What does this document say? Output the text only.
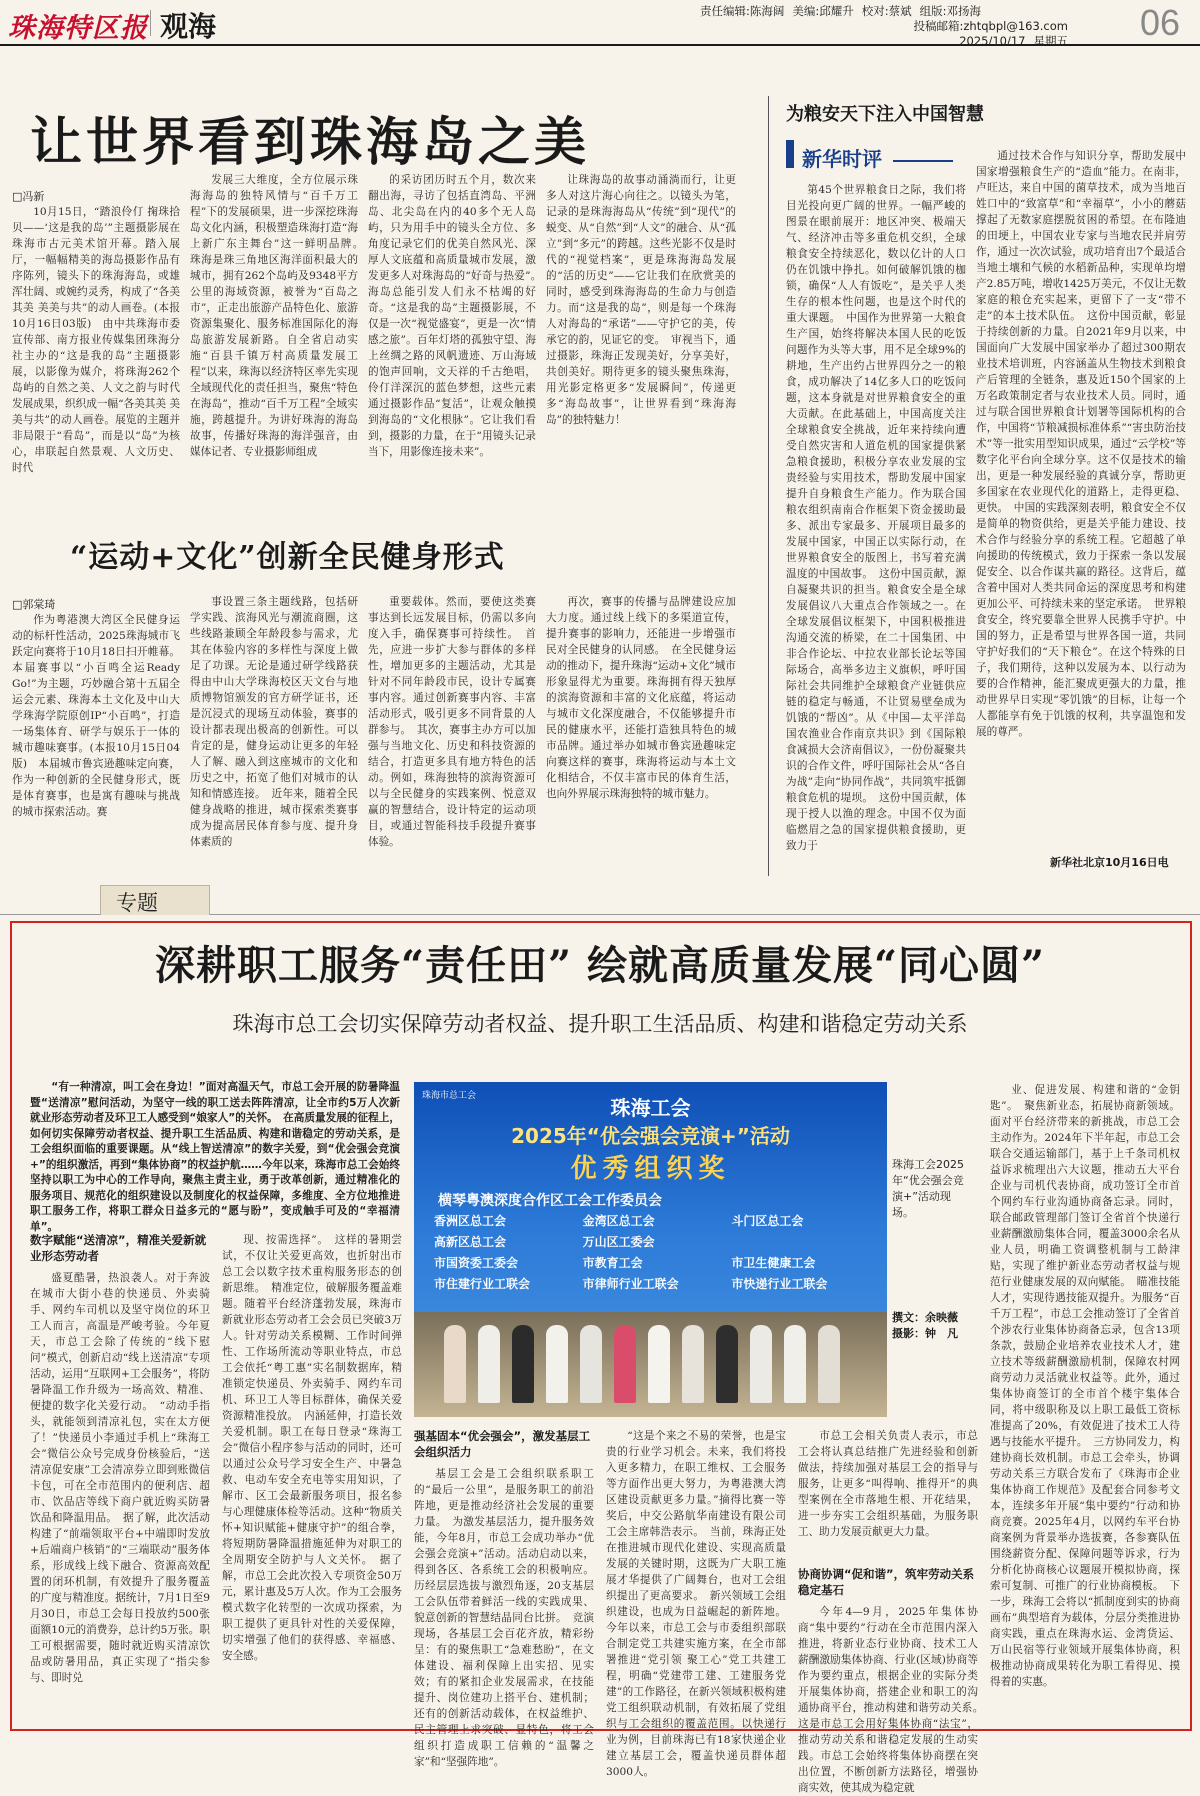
珠海特区报 观海	责任编辑:陈海阔 美编:邱耀升 校对:蔡斌 组版:邓扬海
投稿邮箱:zhtqbpl@163.com
2025/10/17 星期五	06
让世界看到珠海岛之美
□冯新

10月15日，“踏浪伶仃 掬珠拾贝——‘这是我的岛’”主题摄影展在珠海市古元美术馆开幕。踏入展厅，一幅幅精美的海岛摄影作品有序陈列，镜头下的珠海海岛，或雄浑壮阔、或婉约灵秀，构成了“各美其美 美美与共”的动人画卷。(本报10月16日03版)　由中共珠海市委宣传部、南方报业传媒集团珠海分社主办的“这是我的岛”主题摄影展，以影像为媒介，将珠海262个岛屿的自然之美、人文之韵与时代发展成果，织织成一幅“各美其美 美美与共”的动人画卷。展览的主题并非局限于“看岛”，而是以“岛”为核心，串联起自然景观、人文历史、时代

发展三大维度，全方位展示珠海海岛的独特风情与“百千万工程”下的发展硕果，进一步深挖珠海岛文化内涵，积极塑造珠海打造“海上新广东主舞台”这一鲜明品牌。　珠海是珠三角地区海洋面积最大的城市，拥有262个岛屿及9348平方公里的海域资源，被誉为“百岛之市”，正走出旅游产品特色化、旅游资源集聚化、服务标准国际化的海岛旅游发展新路。自全省启动实施“百县千镇万村高质量发展工程”以来，珠海以经济特区率先实现全域现代化的责任担当，聚焦“特色在海岛”，推动“百千万工程”全域实施，跨越提升。为讲好珠海的海岛故事，传播好珠海的海洋强音，由媒体记者、专业摄影师组成

的采访团历时五个月，数次来翻出海，寻访了包括直湾岛、平洲岛、北尖岛在内的40多个无人岛屿，只为用手中的镜头全方位、多角度记录它们的优美自然风光、深厚人文底蕴和高质量城市发展，激发更多人对珠海岛的“好奇与热爱”。　海岛总能引发人们永不枯竭的好奇。“这是我的岛”主题摄影展，不仅是一次“视觉盛宴”，更是一次“情感之旅”。百年灯塔的孤独守望、海上丝绸之路的风帆遗迹、万山海域的饱声回响，文天祥的千古绝唱，伶仃洋深沉的蓝色梦想，这些元素通过摄影作品“复活”，让观众触摸到海岛的“文化根脉”。它让我们看到，摄影的力量，在于“用镜头记录当下，用影像连接未来”。

让珠海岛的故事动涌淌而行，让更多人对这片海心向往之。以镜头为笔，记录的是珠海海岛从“传统”到“现代”的蜕变、从“自然”到“人文”的融合、从“孤立”到“多元”的跨越。这些光影不仅是时代的“视觉档案”，更是珠海海岛发展的“活的历史”——它让我们在欣赏美的同时，感受到珠海海岛的生命力与创造力。而“这是我的岛”，则是每一个珠海人对海岛的“承诺”——守护它的美，传承它的韵，见证它的变。　审视当下，通过摄影，珠海正发现美好，分享美好，共创美好。期待更多的镜头聚焦珠海，用光影定格更多“发展瞬间”，传递更多“海岛故事”，让世界看到“珠海海岛”的独特魅力！

“运动+文化”创新全民健身形式
□郭棠琦

作为粤港澳大湾区全民健身运动的标杆性活动，2025珠海城市飞跃定向赛将于10月18日扫开帷幕。本届赛事以“小百鸣全运Ready Go!”为主题，巧妙融合第十五届全运会元素、珠海本土文化及中山大学珠海学院原创IP“小百鸣”，打造一场集体育、研学与娱乐于一体的城市趣味赛事。(本报10月15日04版)　本届城市鲁宾逊趣味定向赛，作为一种创新的全民健身形式，既是体育赛事，也是寓有趣味与挑战的城市探索活动。赛

事设置三条主题线路，包括研学实践、滨海风光与潮流商圈，这些线路兼顾全年龄段参与需求，尤其在体验内容的多样性与深度上做足了功课。无论是通过研学线路获得由中山大学珠海校区天文台与地质博物馆颁发的官方研学证书，还是沉浸式的现场互动体验，赛事的设计都表现出极高的创新性。可以肯定的是，健身运动让更多的年轻人了解、融入到这座城市的文化和历史之中，拓宽了他们对城市的认知和情感连接。　近年来，随着全民健身战略的推进，城市探索类赛事成为提高居民体育参与度、提升身体素质的

重要载体。然而，要使这类赛事达到长远发展目标，仍需以多向度入手，确保赛事可持续性。　首先，应进一步扩大参与群体的多样性，增加更多的主题活动，尤其是针对不同年龄段市民，设计专属赛事内容。通过创新赛事内容、丰富活动形式，吸引更多不同背景的人群参与。　其次，赛事主办方可以加强与当地文化、历史和科技资源的结合，打造更多具有地方特色的活动。例如，珠海独特的滨海资源可以与全民健身的实践案例、悦意双赢的智慧结合，设计特定的运动项目，或通过智能科技手段提升赛事体验。

再次，赛事的传播与品牌建设应加大力度。通过线上线下的多渠道宣传，提升赛事的影响力，还能进一步增强市民对全民健身的认同感。　在全民健身运动的推动下，提升珠海“运动+文化”城市形象显得尤为重要。珠海拥有得天独厚的滨海资源和丰富的文化底蕴，将运动与城市文化深度融合，不仅能够提升市民的健康水平，还能打造独具特色的城市品牌。通过举办如城市鲁宾逊趣味定向赛这样的赛事，珠海将运动与本土文化相结合，不仅丰富市民的体育生活，也向外界展示珠海独特的城市魅力。

为粮安天下注入中国智慧
新华时评

第45个世界粮食日之际，我们将目光投向更广阔的世界。一幅严峻的图景在眼前展开：地区冲突、极端天气、经济冲击等多重危机交织，全球粮食安全持续恶化，数以亿计的人口仍在饥饿中挣扎。如何破解饥饿的枷锁，确保“人人有饭吃”，是关乎人类生存的根本性问题，也是这个时代的重大课题。　中国作为世界第一大粮食生产国，始终将解决本国人民的吃饭问题作为头等大事，用不足全球9%的耕地，生产出约占世界四分之一的粮食，成功解决了14亿多人口的吃饭问题，这本身就是对世界粮食安全的重大贡献。在此基础上，中国高度关注全球粮食安全挑战，近年来持续向遭受自然灾害和人道危机的国家提供紧急粮食援助，积极分享农业发展的宝贵经验与实用技术，帮助发展中国家提升自身粮食生产能力。作为联合国粮农组织南南合作框架下资金援助最多、派出专家最多、开展项目最多的发展中国家，中国正以实际行动，在世界粮食安全的版图上，书写着充满温度的中国故事。　这份中国贡献，源自凝聚共识的担当。粮食安全是全球发展倡议八大重点合作领域之一。在全球发展倡议框架下，中国积极推进沟通交流的桥梁，在二十国集团、中非合作论坛、中拉农业部长论坛等国际场合，高举多边主义旗帜，呼吁国际社会共同维护全球粮食产业链供应链的稳定与畅通，不让贸易壁垒成为饥饿的“帮凶”。从《中国—太平洋岛国农渔业合作南京共识》到《国际粮食减损大会济南倡议》，一份份凝聚共识的合作文件，呼吁国际社会从“各自为战”走向“协同作战”，共同筑牢抵御粮食危机的堤坝。　这份中国贡献，体现于授人以渔的理念。中国不仅为面临燃眉之急的国家提供粮食援助，更致力于

通过技术合作与知识分享，帮助发展中国家增强粮食生产的“造血”能力。在南非，卢旺达，来自中国的菌草技术，成为当地百姓口中的“致富草”和“幸福草”，小小的蘑菇撑起了无数家庭摆脱贫困的希望。在布隆迪的田埂上，中国农业专家与当地农民并肩劳作，通过一次次试验，成功培育出7个最适合当地土壤和气候的水稻新品种，实现单均增产2.85万吨，增收1425万美元，不仅让无数家庭的粮仓充实起来，更留下了一支“带不走”的本土技术队伍。　这份中国贡献，彰显于持续创新的力量。自2021年9月以来，中国面向广大发展中国家举办了超过300期农业技术培训班，内容涵盖从生物技术到粮食产后管理的全链条，惠及近150个国家的上万名政策制定者与农业技术人员。同时，通过与联合国世界粮食计划署等国际机构的合作，中国将“节粮减损标准体系”“害虫防治技术”等一批实用型知识成果，通过“云学校”等数字化平台向全球分享。这不仅是技术的输出，更是一种发展经验的真诚分享，帮助更多国家在农业现代化的道路上，走得更稳、更快。　中国的实践深刻表明，粮食安全不仅是简单的物资供给，更是关乎能力建设、技术合作与经验分享的系统工程。它超越了单向援助的传统模式，致力于探索一条以发展促安全、以合作谋共赢的路径。这背后，蕴含着中国对人类共同命运的深度思考和构建更加公平、可持续未来的坚定承诺。　世界粮食安全，终究要靠全世界人民携手守护。中国的努力，正是希望与世界各国一道，共同守护好我们的“天下粮仓”。在这个特殊的日子，我们期待，这种以发展为本、以行动为要的合作精神，能汇聚成更强大的力量，推动世界早日实现“零饥饿”的目标，让每一个人都能享有免于饥饿的权利，共享温饱和发展的尊严。

新华社北京10月16日电
专题
深耕职工服务“责任田” 绘就高质量发展“同心圆”
珠海市总工会切实保障劳动者权益、提升职工生活品质、构建和谐稳定劳动关系

“有一种清凉，叫工会在身边！”面对高温天气，市总工会开展的防暑降温暨“送清凉”慰问活动，为坚守一线的职工送去阵阵清凉，让全市约5万人次新就业形态劳动者及环卫工人感受到“娘家人”的关怀。　在高质量发展的征程上，如何切实保障劳动者权益、提升职工生活品质、构建和谐稳定的劳动关系，是工会组织面临的重要课题。从“线上智送清凉”的数字关爱，到“优会强会竞演+”的组织激活，再到“集体协商”的权益护航……今年以来，珠海市总工会始终坚持以职工为中心的工作导向，聚焦主责主业，勇于改革创新，通过精准化的服务项目、规范化的组织建设以及制度化的权益保障，多维度、全方位地推进职工服务工作，将职工群众日益多元的“愿与盼”，变成触手可及的“幸福清单”。

数字赋能“送清凉”，精准关爱新就业形态劳动者

盛夏酷暑，热浪袭人。对于奔波在城市大街小巷的快递员、外卖骑手、网约车司机以及坚守岗位的环卫工人而言，高温是严峻考验。今年夏天，市总工会除了传统的“线下慰问”模式，创新启动“线上送清凉”专项活动，运用“互联网+工会服务”，将防暑降温工作升级为一场高效、精准、便捷的数字化关爱行动。　“动动手指头，就能领到清凉礼包，实在太方便了！”快递员小李通过手机上“珠海工会”微信公众号完成身份核验后，“送清凉促安康”工会清凉券立即到账微信卡包，可在全市范围内的便利店、超市、饮品店等线下商户就近购买防暑饮品和降温用品。　据了解，此次活动构建了“前端领取平台+中端即时发放+后端商户核销”的“三端联动”服务体系，形成线上线下融合、资源高效配置的闭环机制，有效提升了服务覆盖的广度与精准度。据统计，7月1日至9月30日，市总工会每日投放约500张面额10元的消费券，总计约5万张。职工可根据需要，随时就近购买清凉饮品或防暑用品，真正实现了“指尖参与、即时兑

现、按需选择”。　这样的暑期尝试，不仅让关爱更高效，也折射出市总工会以数字技术重构服务形态的创新思维。　精准定位，破解服务覆盖难题。随着平台经济蓬勃发展，珠海市新就业形态劳动者工会会员已突破3万人。针对劳动关系模糊、工作时间弹性、工作场所流动等职业特点，市总工会依托“粤工惠”实名制数据库，精准锁定快递员、外卖骑手、网约车司机、环卫工人等目标群体，确保关爱资源精准投放。　内涵延伸，打造长效关爱机制。职工在每日登录“珠海工会”微信小程序参与活动的同时，还可以通过公众号学习安全生产、中暑急救、电动车安全充电等实用知识，了解市、区工会最新服务项目，报名参与心理健康体检等活动。这种“物质关怀+知识赋能+健康守护”的组合拳，将短期防暑降温措施延伸为对职工的全周期安全防护与人文关怀。　据了解，市总工会此次投入专项资金50万元，累计惠及5万人次。作为工会服务模式数字化转型的一次成功探索，为职工提供了更具针对性的关爱保障，切实增强了他们的获得感、幸福感、安全感。

珠海市总工会	珠海工会
2025年“优会强会竞演+”活动
优秀组织奖
横琴粤澳深度合作区工会工作委员会
香洲区总工会	金湾区总工会	斗门区总工会
高新区总工会	万山区工委会
市国资委工委会	市教育工会	市卫生健康工会
市住建行业工联会	市律师行业工联会	市快递行业工联会
珠海工会2025年“优会强会竞演+”活动现场。
撰文：余映薇
摄影：钟　凡
强基固本“优会强会”，激发基层工会组织活力

基层工会是工会组织联系职工的“最后一公里”，是服务职工的前沿阵地，更是推动经济社会发展的重要力量。　为激发基层活力，提升服务效能，今年8月，市总工会成功举办“优会强会竞演+”活动。活动启动以来，得到各区、各系统工会的积极响应。历经层层选拔与激烈角逐，20支基层工会队伍带着鲜活一线的实践成果、貌意创新的智慧结晶同台比拼。　竞演现场，各基层工会百花齐放，精彩纷呈：有的聚焦职工“急难愁盼”，在文体建设、福利保障上出实招、见实效；有的紧扣企业发展需求，在技能提升、岗位建功上搭平台、建机制；还有的创新活动载体，在权益维护、民主管理上求突破、显特色，将工会组织打造成职工信赖的“温馨之家”和“坚强阵地”。

“这是个来之不易的荣誉，也是宝贵的行业学习机会。未来，我们将投入更多精力，在职工维权、工会服务等方面作出更大努力，为粤港澳大湾区建设贡献更多力量。”摘得比赛一等奖后，中交公路航华南建设有限公司工会主席韩浩表示。　当前，珠海正处在推进城市现代化建设、实现高质量发展的关键时期，这既为广大职工施展才华提供了广阔舞台，也对工会组织提出了更高要求。　新兴领域工会组织建设，也成为日益崛起的新阵地。今年以来，市总工会与市委组织部联合制定党工共建实施方案，在全市部署推进“党引领 聚工心”党工共建工程，明确“党建带工建、工建服务党建”的工作路径，在新兴领域积极构建党工组织联动机制，有效拓展了党组织与工会组织的覆盖范围。以快递行业为例，目前珠海已有18家快递企业建立基层工会，覆盖快递员群体超3000人。

市总工会相关负责人表示，市总工会将认真总结推广先进经验和创新做法，持续加强对基层工会的指导与服务，让更多“叫得响、推得开”的典型案例在全市落地生根、开花结果，进一步夯实工会组织基础，为服务职工、助力发展贡献更大力量。

协商协调“促和谐”，筑牢劳动关系稳定基石

今年4—9月，2025年集体协商“集中要约”行动在全市范围内深入推进，将新业态行业协商、技术工人薪酬激励集体协商、行业(区域)协商等作为要约重点，根据企业的实际分类开展集体协商，搭建企业和职工的沟通协商平台，推动构建和谐劳动关系。　这是市总工会用好集体协商“法宝”，推动劳动关系和谐稳定发展的生动实践。市总工会始终将集体协商摆在突出位置，不断创新方法路径，增强协商实效，使其成为稳定就

业、促进发展、构建和谐的“金钥匙”。　聚焦新业态，拓展协商新领域。面对平台经济带来的新挑战，市总工会主动作为。2024年下半年起，市总工会联合交通运输部门，基于上千条司机权益诉求梳理出六大议题，推动五大平台企业与司机代表协商，成功签订全市首个网约车行业沟通协商备忘录。同时，联合邮政管理部门签订全省首个快递行业薪酬激励集体合同，覆盖3000余名从业人员，明确工资调整机制与工龄津贴，实现了维护新业态劳动者权益与规范行业健康发展的双向赋能。　瞄准技能人才，实现待遇技能双提升。为服务“百千万工程”，市总工会推动签订了全省首个涉农行业集体协商备忘录，包含13项条款，鼓励企业培养农业技术人才，建立技术等级薪酬激励机制，保障农村网商劳动力灵活就业权益等。此外，通过集体协商签订的全市首个楼宇集体合同，将中级职称及以上职工最低工资标准提高了20%，有效促进了技术工人待遇与技能水平提升。　三方协同发力，构建协商长效机制。市总工会牵头，协调劳动关系三方联合发布了《珠海市企业集体协商工作规范》及配套合同参考文本，连续多年开展“集中要约”行动和协商竞赛。2025年4月，以网约车平台协商案例为背景举办选拔赛，各参赛队伍围绕薪资分配、保障问题等诉求，行为分析化协商核心议题展开模拟协商，探索可复制、可推广的行业协商模板。　下一步，珠海工会将以“抓制度到实的协商画布”典型培育为载体，分层分类推进协商实践，重点在珠海水运、金湾货运、万山民宿等行业领域开展集体协商，积极推动协商成果转化为职工看得见、摸得着的实惠。
